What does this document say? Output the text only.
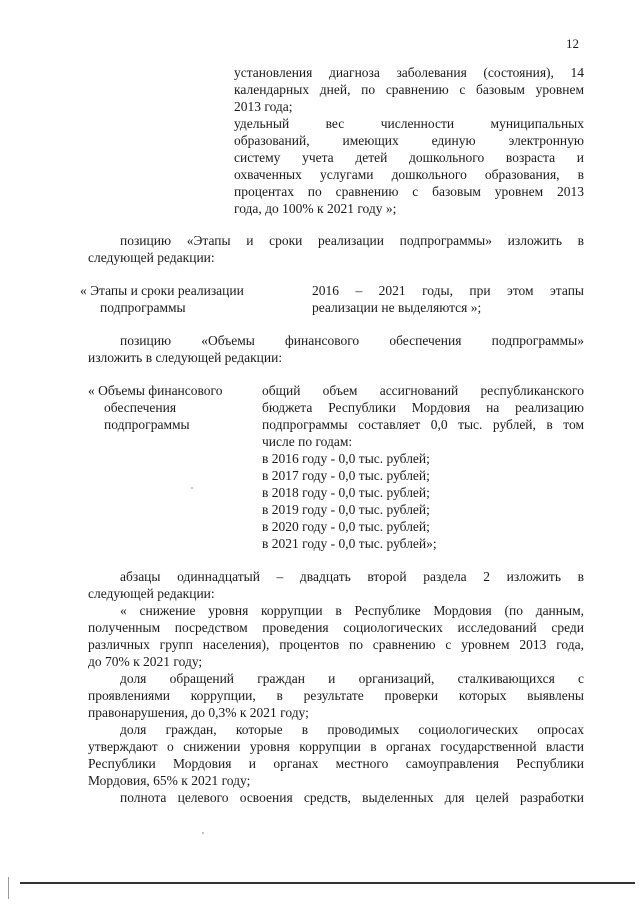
12
установления диагноза заболевания (состояния), 14
календарных дней, по сравнению с базовым уровнем
2013 года;
удельный вес численности муниципальных
образований, имеющих единую электронную
систему учета детей дошкольного возраста и
охваченных услугами дошкольного образования, в
процентах по сравнению с базовым уровнем 2013
года, до 100% к 2021 году »;
позицию «Этапы и сроки реализации подпрограммы» изложить в
следующей редакции:
« Этапы и сроки реализации
подпрограммы
2016 – 2021 годы, при этом этапы
реализации не выделяются »;
позицию «Объемы финансового обеспечения подпрограммы»
изложить в следующей редакции:
« Объемы финансового
обеспечения
подпрограммы
общий объем ассигнований республиканского
бюджета Республики Мордовия на реализацию
подпрограммы составляет 0,0 тыс. рублей, в том
числе по годам:
в 2016 году - 0,0 тыс. рублей;
в 2017 году - 0,0 тыс. рублей;
в 2018 году - 0,0 тыс. рублей;
в 2019 году - 0,0 тыс. рублей;
в 2020 году - 0,0 тыс. рублей;
в 2021 году - 0,0 тыс. рублей»;
абзацы одиннадцатый – двадцать второй раздела 2 изложить в
следующей редакции:
« снижение уровня коррупции в Республике Мордовия (по данным,
полученным посредством проведения социологических исследований среди
различных групп населения), процентов по сравнению с уровнем 2013 года,
до 70% к 2021 году;
доля обращений граждан и организаций, сталкивающихся с
проявлениями коррупции, в результате проверки которых выявлены
правонарушения, до 0,3% к 2021 году;
доля граждан, которые в проводимых социологических опросах
утверждают о снижении уровня коррупции в органах государственной власти
Республики Мордовия и органах местного самоуправления Республики
Мордовия, 65% к 2021 году;
полнота целевого освоения средств, выделенных для целей разработки
